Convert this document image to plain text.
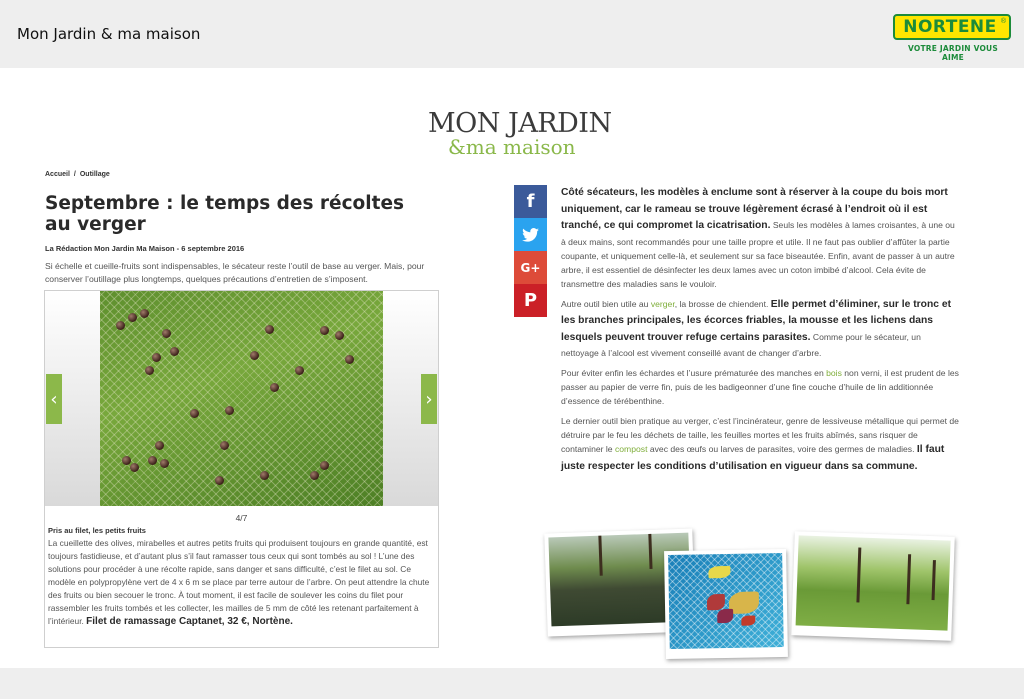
Mon Jardin & ma maison	NORTENE ®
VOTRE JARDIN VOUS AIME
MON JARDIN
&ma maison
Accueil / Outillage
Septembre : le temps des récoltes au verger
La Rédaction Mon Jardin Ma Maison - 6 septembre 2016
Si échelle et cueille-fruits sont indispensables, le sécateur reste l’outil de base au verger. Mais, pour conserver l’outillage plus longtemps, quelques précautions d’entretien de s’imposent.
‹	›
4/7
Pris au filet, les petits fruits
La cueillette des olives, mirabelles et autres petits fruits qui produisent toujours en grande quantité, est toujours fastidieuse, et d’autant plus s’il faut ramasser tous ceux qui sont tombés au sol ! L’une des solutions pour procéder à une récolte rapide, sans danger et sans difficulté, c’est le filet au sol. Ce modèle en polypropylène vert de 4 x 6 m se place par terre autour de l’arbre. On peut attendre la chute des fruits ou bien secouer le tronc. À tout moment, il est facile de soulever les coins du filet pour rassembler les fruits tombés et les collecter, les mailles de 5 mm de côté les retenant parfaitement à l’intérieur. Filet de ramassage Captanet, 32 €, Nortène.
f
G+
P

Côté sécateurs, les modèles à enclume sont à réserver à la coupe du bois mort uniquement, car le rameau se trouve légèrement écrasé à l’endroit où il est tranché, ce qui compromet la cicatrisation. Seuls les modèles à lames croisantes, à une ou à deux mains, sont recommandés pour une taille propre et utile. Il ne faut pas oublier d’affûter la partie coupante, et uniquement celle-là, et seulement sur sa face biseautée. Enfin, avant de passer à un autre arbre, il est essentiel de désinfecter les deux lames avec un coton imbibé d’alcool. Cela évite de transmettre des maladies sans le vouloir.

Autre outil bien utile au verger, la brosse de chiendent. Elle permet d’éliminer, sur le tronc et les branches principales, les écorces friables, la mousse et les lichens dans lesquels peuvent trouver refuge certains parasites. Comme pour le sécateur, un nettoyage à l’alcool est vivement conseillé avant de changer d’arbre.

Pour éviter enfin les échardes et l’usure prématurée des manches en bois non verni, il est prudent de les passer au papier de verre fin, puis de les badigeonner d’une fine couche d’huile de lin additionnée d’essence de térébenthine.

Le dernier outil bien pratique au verger, c’est l’incinérateur, genre de lessiveuse métallique qui permet de détruire par le feu les déchets de taille, les feuilles mortes et les fruits abîmés, sans risquer de contaminer le compost avec des œufs ou larves de parasites, voire des germes de maladies. Il faut juste respecter les conditions d’utilisation en vigueur dans sa commune.
